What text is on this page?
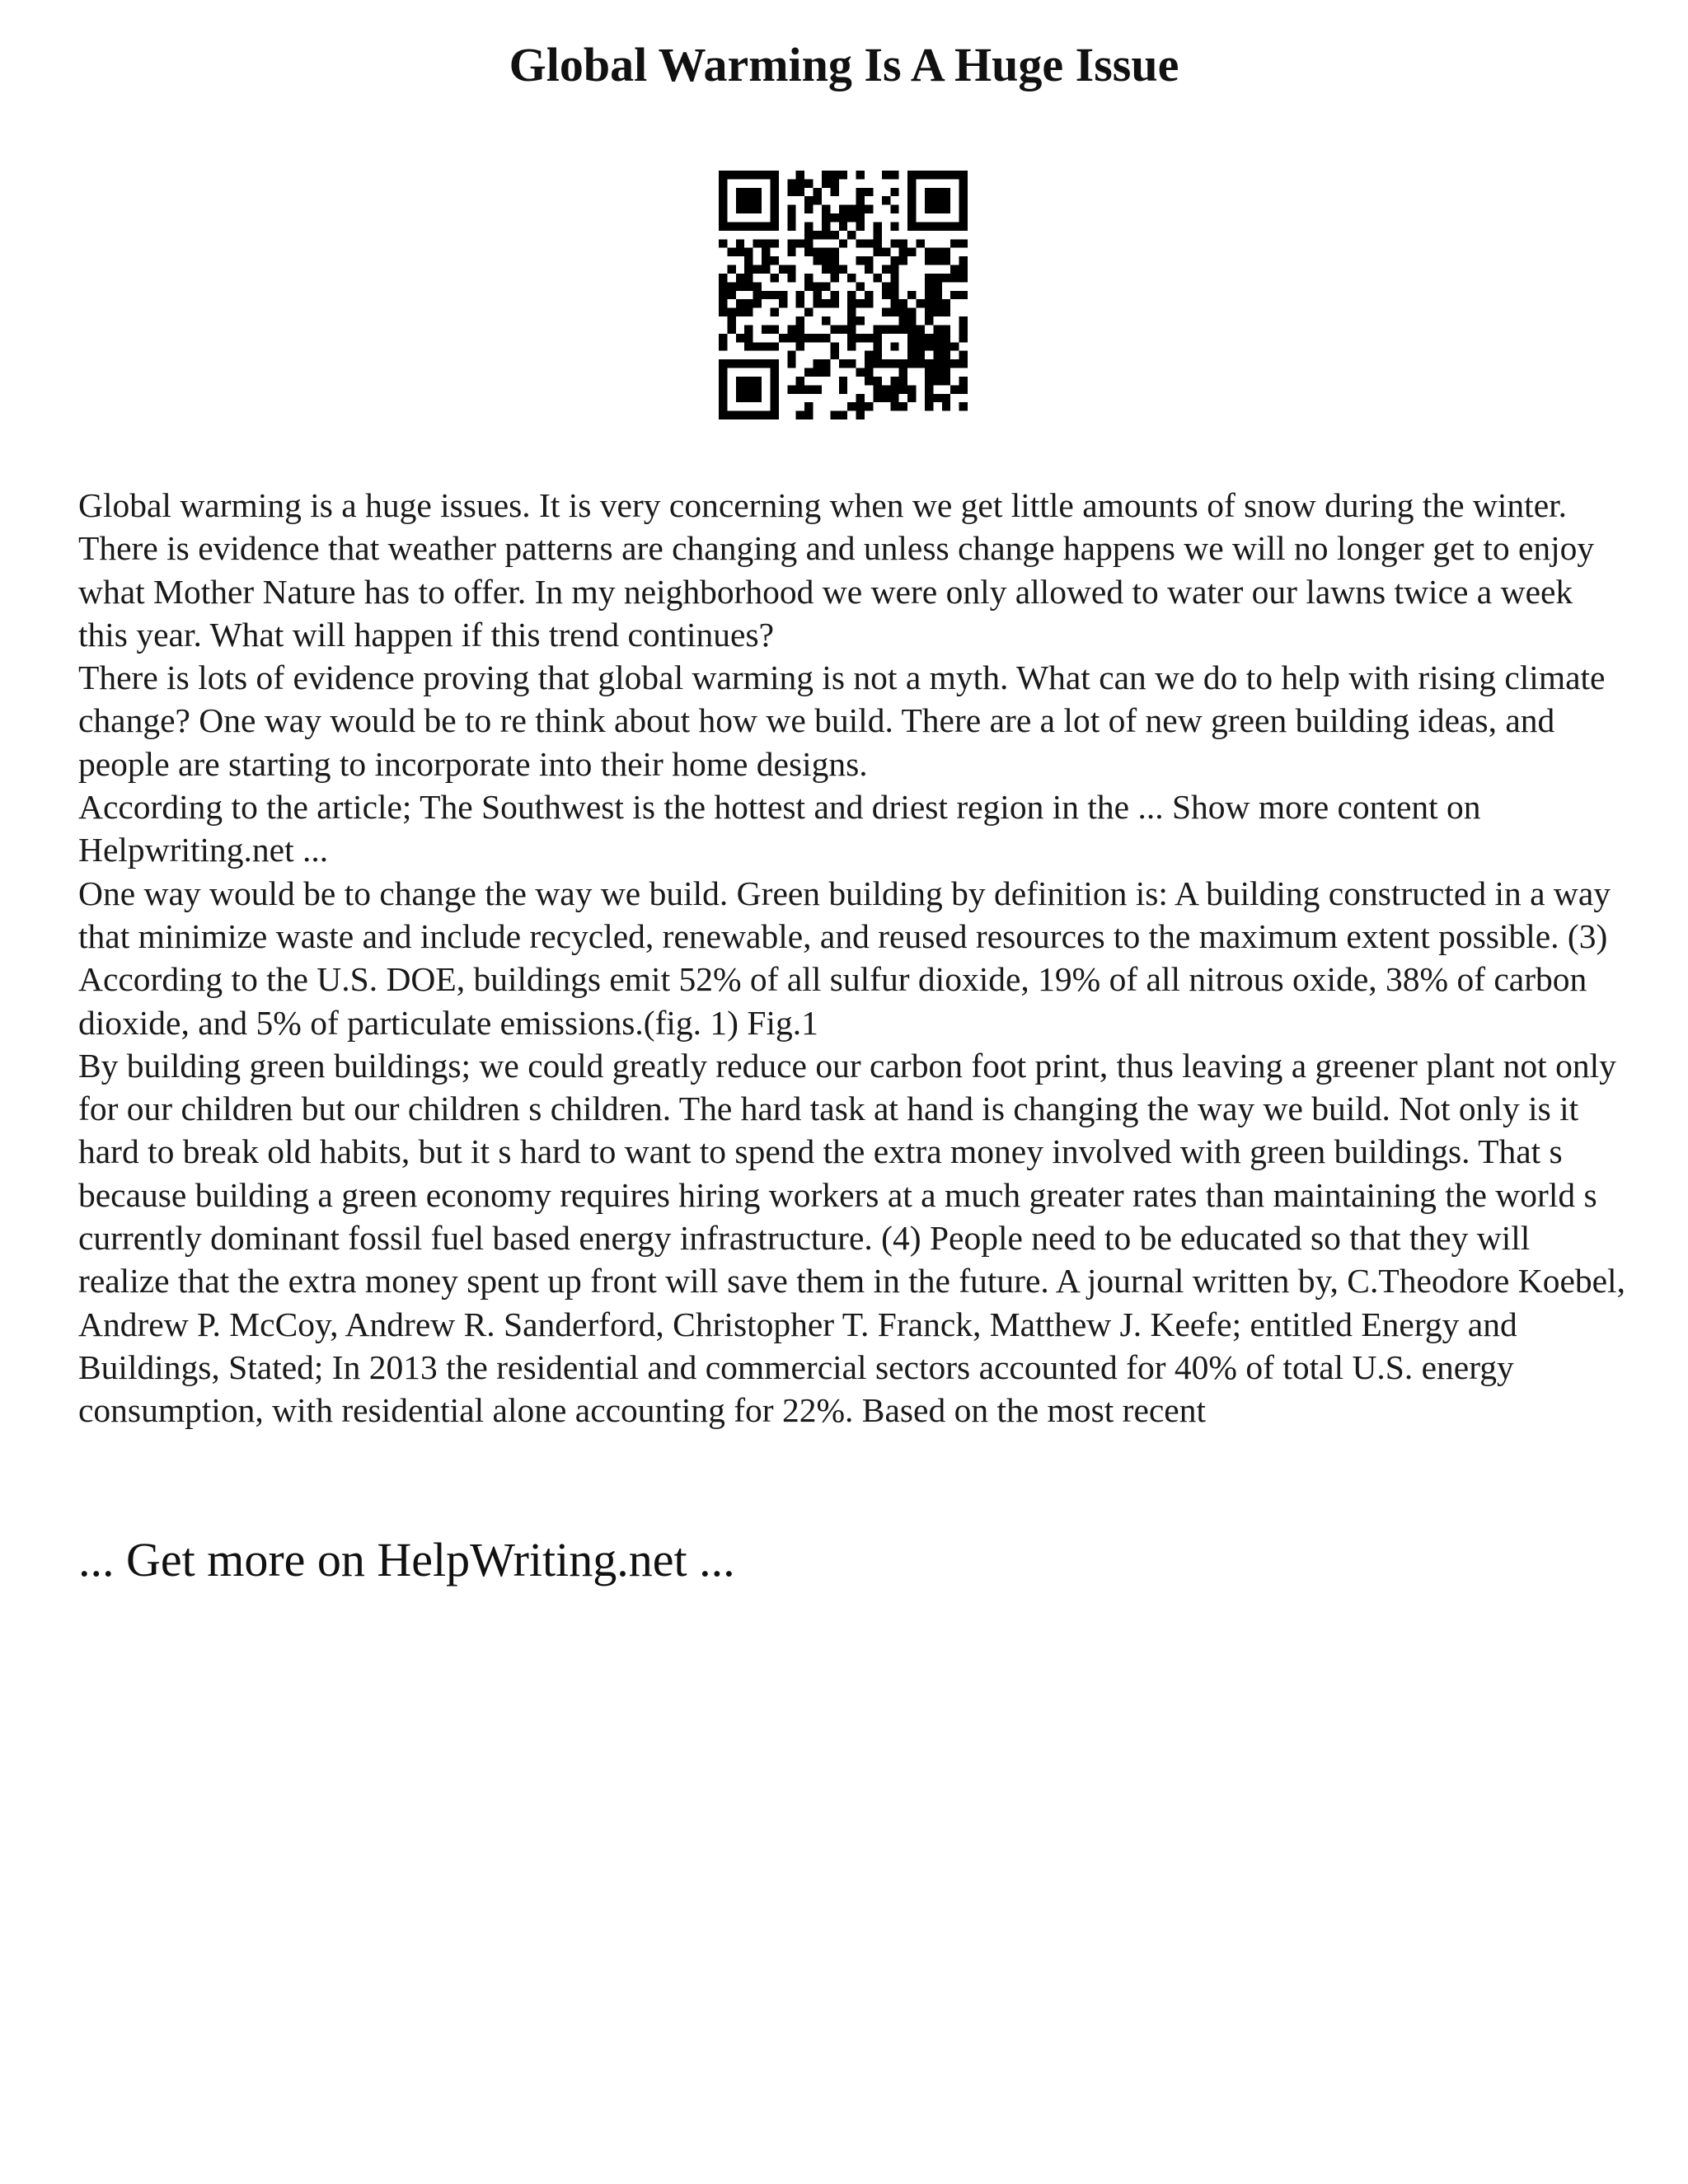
Global Warming Is A Huge Issue

Global warming is a huge issues. It is very concerning when we get little amounts of snow during the winter. There is evidence that weather patterns are changing and unless change happens we will no longer get to enjoy what Mother Nature has to offer. In my neighborhood we were only allowed to water our lawns twice a week this year. What will happen if this trend continues?

There is lots of evidence proving that global warming is not a myth. What can we do to help with rising climate change? One way would be to re think about how we build. There are a lot of new green building ideas, and people are starting to incorporate into their home designs.

According to the article; The Southwest is the hottest and driest region in the ... Show more content on Helpwriting.net ...

One way would be to change the way we build. Green building by definition is: A building constructed in a way that minimize waste and include recycled, renewable, and reused resources to the maximum extent possible. (3) According to the U.S. DOE, buildings emit 52% of all sulfur dioxide, 19% of all nitrous oxide, 38% of carbon dioxide, and 5% of particulate emissions.(fig. 1) Fig.1

By building green buildings; we could greatly reduce our carbon foot print, thus leaving a greener plant not only for our children but our children s children. The hard task at hand is changing the way we build. Not only is it hard to break old habits, but it s hard to want to spend the extra money involved with green buildings. That s because building a green economy requires hiring workers at a much greater rates than maintaining the world s currently dominant fossil fuel based energy infrastructure. (4) People need to be educated so that they will realize that the extra money spent up front will save them in the future. A journal written by, C.Theodore Koebel, Andrew P. McCoy, Andrew R. Sanderford, Christopher T. Franck, Matthew J. Keefe; entitled Energy and Buildings, Stated; In 2013 the residential and commercial sectors accounted for 40% of total U.S. energy consumption, with residential alone accounting for 22%. Based on the most recent

... Get more on HelpWriting.net ...
